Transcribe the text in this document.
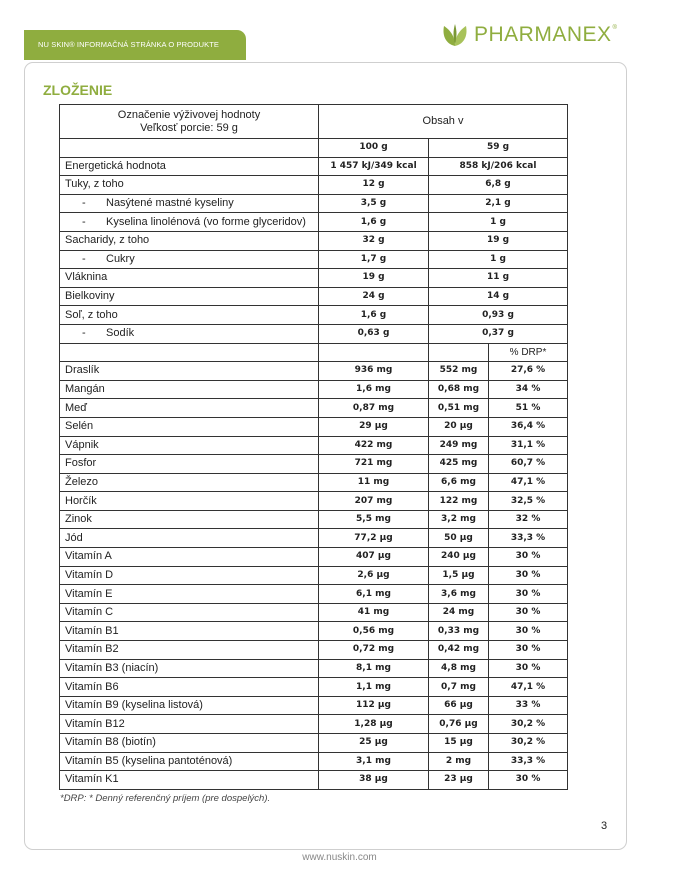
NU SKIN® INFORMAČNÁ STRÁNKA O PRODUKTE	PHARMANEX ®
ZLOŽENIE
Označenie výživovej hodnoty
Veľkosť porcie: 59 g	Obsah v		
	100 g	59 g	
Energetická hodnota	1 457 kJ/349 kcal	858 kJ/206 kcal	
Tuky, z toho	12 g	6,8 g	
- Nasýtené mastné kyseliny	3,5 g	2,1 g	
- Kyselina linolénová (vo forme glyceridov)	1,6 g	1 g	
Sacharidy, z toho	32 g	19 g	
- Cukry	1,7 g	1 g	
Vláknina	19 g	11 g	
Bielkoviny	24 g	14 g	
Soľ, z toho	1,6 g	0,93 g	
- Sodík	0,63 g	0,37 g	
			% DRP*
Draslík	936 mg	552 mg	27,6 %
Mangán	1,6 mg	0,68 mg	34 %
Meď	0,87 mg	0,51 mg	51 %
Selén	29 µg	20 µg	36,4 %
Vápnik	422 mg	249 mg	31,1 %
Fosfor	721 mg	425 mg	60,7 %
Železo	11 mg	6,6 mg	47,1 %
Horčík	207 mg	122 mg	32,5 %
Zinok	5,5 mg	3,2 mg	32 %
Jód	77,2 µg	50 µg	33,3 %
Vitamín A	407 µg	240 µg	30 %
Vitamín D	2,6 µg	1,5 µg	30 %
Vitamín E	6,1 mg	3,6 mg	30 %
Vitamín C	41 mg	24 mg	30 %
Vitamín B1	0,56 mg	0,33 mg	30 %
Vitamín B2	0,72 mg	0,42 mg	30 %
Vitamín B3 (niacín)	8,1 mg	4,8 mg	30 %
Vitamín B6	1,1 mg	0,7 mg	47,1 %
Vitamín B9 (kyselina listová)	112 µg	66 µg	33 %
Vitamín B12	1,28 µg	0,76 µg	30,2 %
Vitamín B8 (biotín)	25 µg	15 µg	30,2 %
Vitamín B5 (kyselina pantoténová)	3,1 mg	2 mg	33,3 %
Vitamín K1	38 µg	23 µg	30 %
*DRP: * Denný referenčný príjem (pre dospelých).
3
www.nuskin.com
